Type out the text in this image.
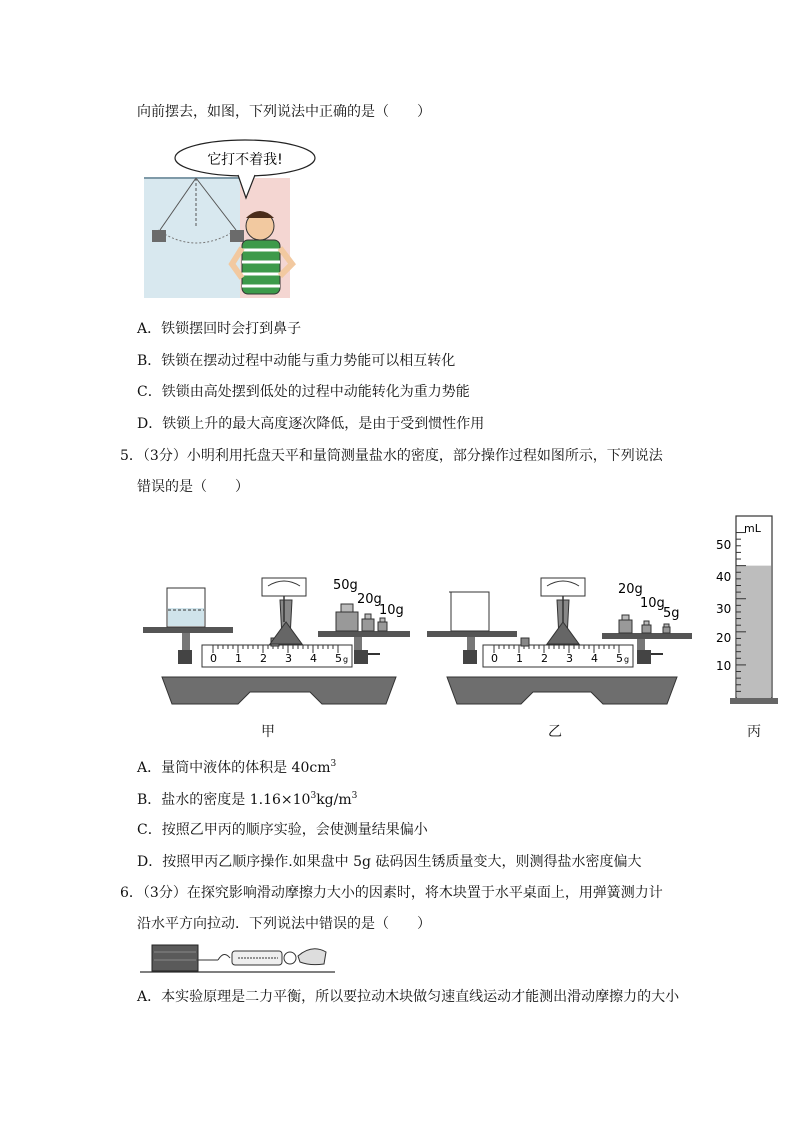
向前摆去，如图，下列说法中正确的是（　　）
它打不着我!
A．铁锁摆回时会打到鼻子
B．铁锁在摆动过程中动能与重力势能可以相互转化
C．铁锁由高处摆到低处的过程中动能转化为重力势能
D．铁锁上升的最大高度逐次降低，是由于受到惯性作用
5．（3分）小明利用托盘天平和量筒测量盐水的密度，部分操作过程如图所示，下列说法
错误的是（　　）
50g
20g
10g
0 1 2 3 4 5 g
甲
20g
10g
5g
0 1 2 3 4 5 g
乙
mL
50
40
30
20
10
丙
A．量筒中液体的体积是 $40cm^3$
B．盐水的密度是 $1.16\times 10^3kg/m^3$
C．按照乙甲丙的顺序实验，会使测量结果偏小
D．按照甲丙乙顺序操作.如果盘中 5g 砝码因生锈质量变大，则测得盐水密度偏大
6．（3分）在探究影响滑动摩擦力大小的因素时，将木块置于水平桌面上，用弹簧测力计
沿水平方向拉动．下列说法中错误的是（　　）
A．本实验原理是二力平衡，所以要拉动木块做匀速直线运动才能测出滑动摩擦力的大小
